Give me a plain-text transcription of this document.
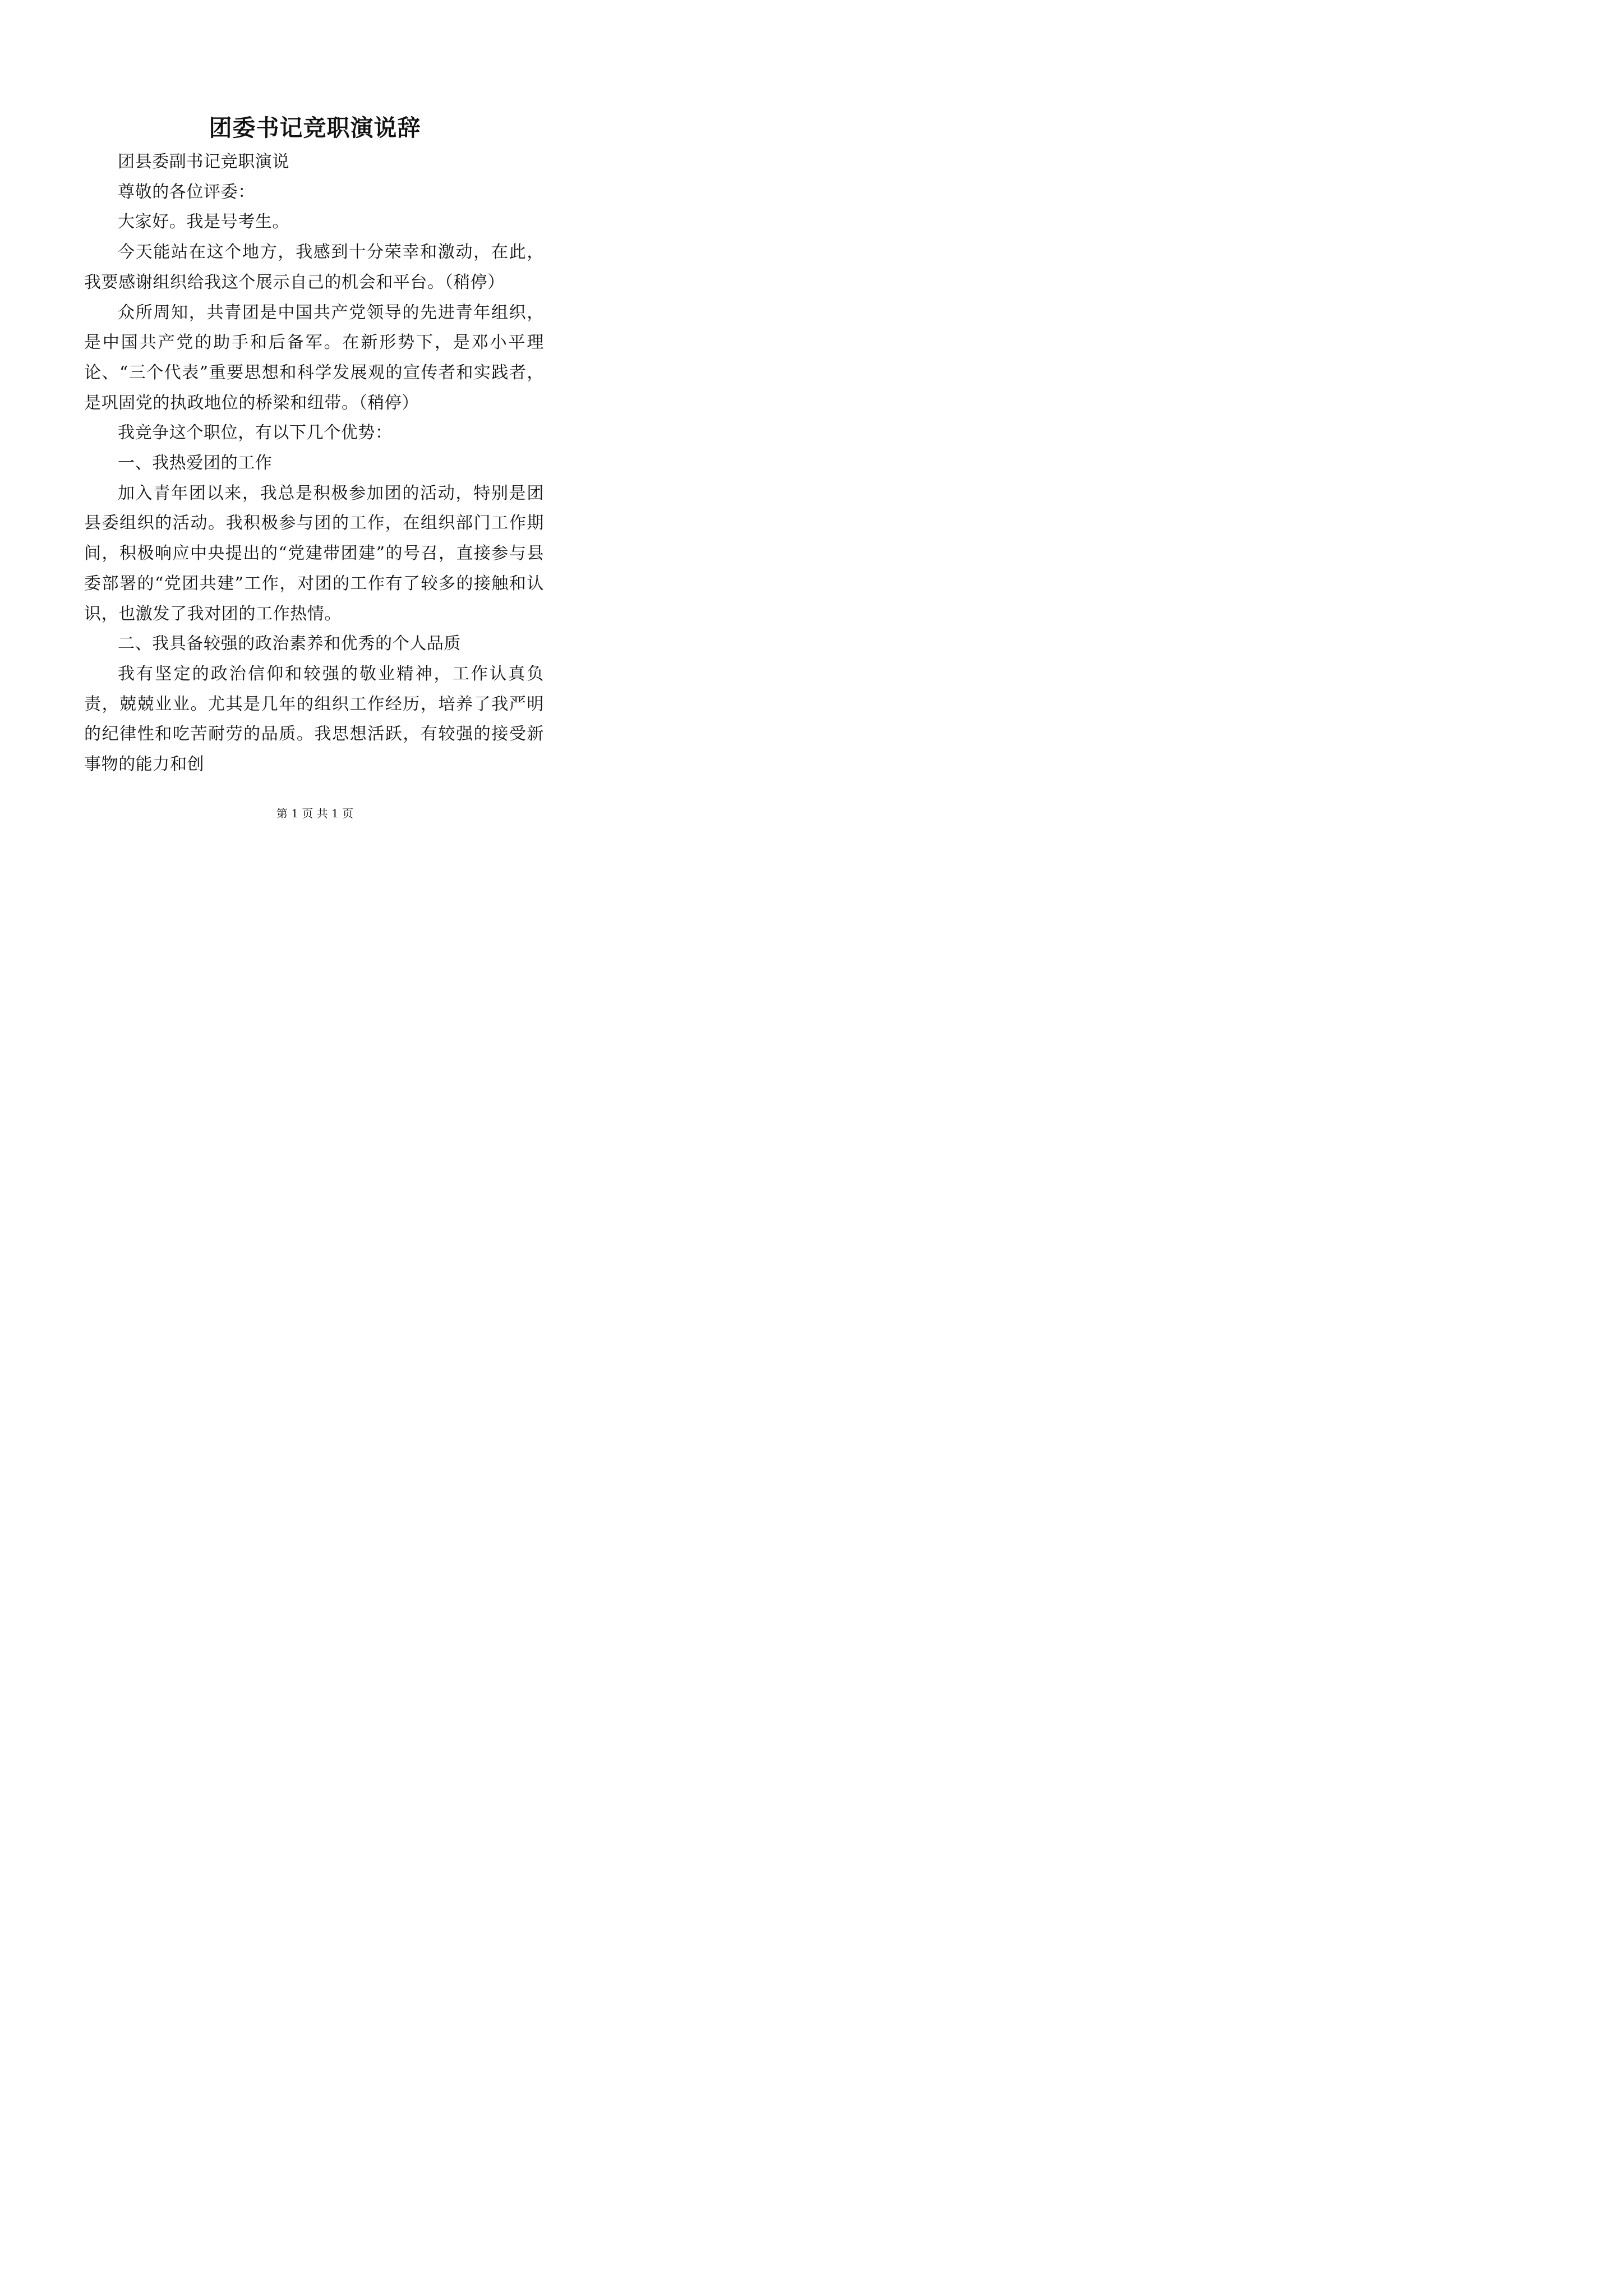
团委书记竞职演说辞

团县委副书记竞职演说

尊敬的各位评委：

大家好。我是号考生。

今天能站在这个地方，我感到十分荣幸和激动，在此，我要感谢组织给我这个展示自己的机会和平台。（稍停）

众所周知，共青团是中国共产党领导的先进青年组织，是中国共产党的助手和后备军。在新形势下，是邓小平理论、“三个代表”重要思想和科学发展观的宣传者和实践者，是巩固党的执政地位的桥梁和纽带。（稍停）

我竞争这个职位，有以下几个优势：

一、我热爱团的工作

加入青年团以来，我总是积极参加团的活动，特别是团县委组织的活动。我积极参与团的工作，在组织部门工作期间，积极响应中央提出的“党建带团建”的号召，直接参与县委部署的“党团共建”工作，对团的工作有了较多的接触和认识，也激发了我对团的工作热情。

二、我具备较强的政治素养和优秀的个人品质

我有坚定的政治信仰和较强的敬业精神，工作认真负责，兢兢业业。尤其是几年的组织工作经历，培养了我严明的纪律性和吃苦耐劳的品质。我思想活跃，有较强的接受新事物的能力和创

第 1 页 共 1 页
